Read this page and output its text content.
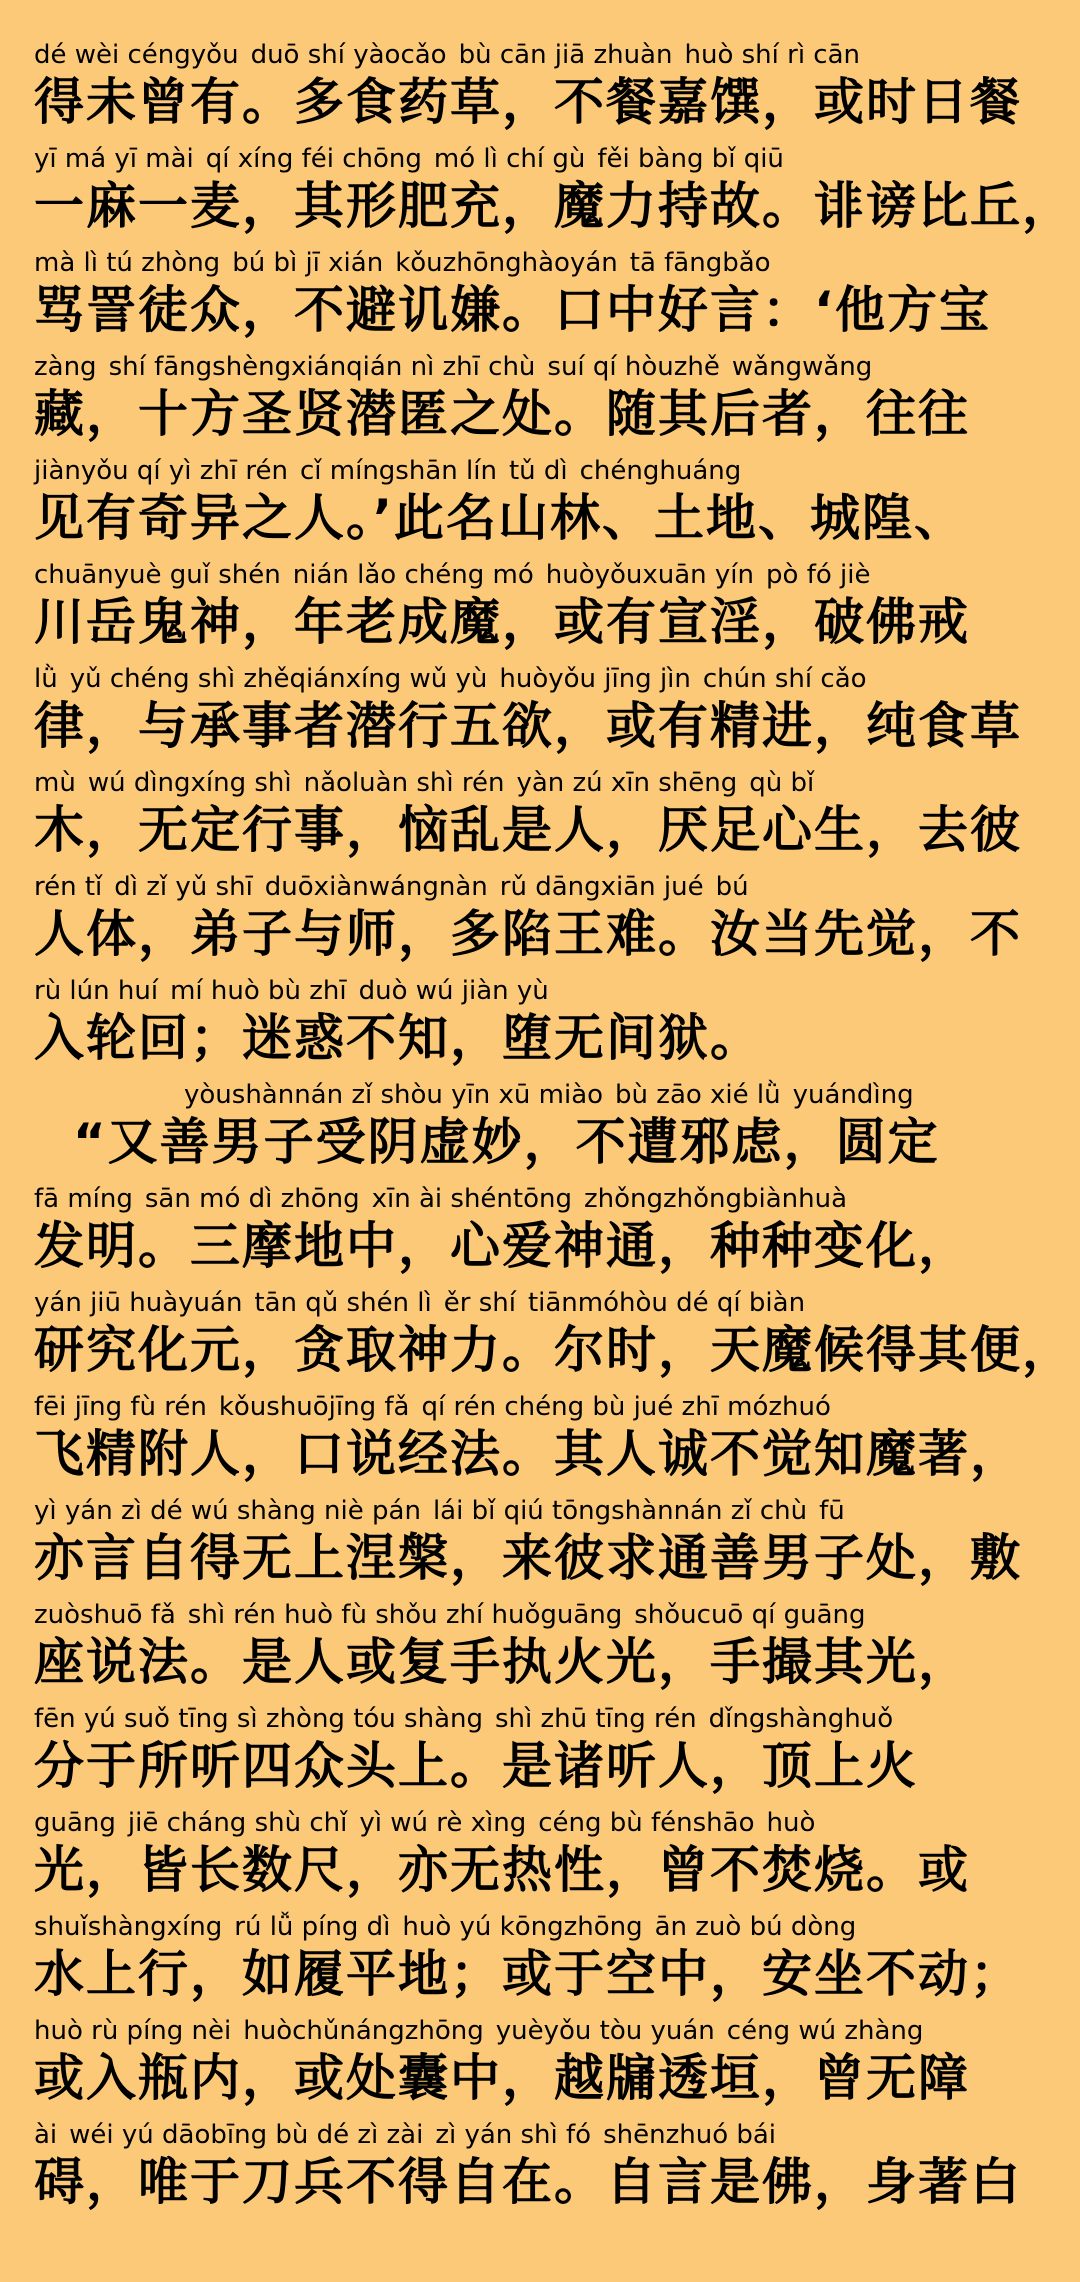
dé wèi céngyǒu duō shí yàocǎo bù cān jiā zhuàn huò shí rì cān
得未曾有。多食药草，不餐嘉馔，或时日餐
yī má yī mài qí xíng féi chōng mó lì chí gù fěi bàng bǐ qiū
一麻一麦，其形肥充，魔力持故。诽谤比丘，
mà lì tú zhòng bú bì jī xián kǒuzhōnghàoyán tā fāngbǎo
骂詈徒众，不避讥嫌。口中好言：‘他方宝
zàng shí fāngshèngxiánqián nì zhī chù suí qí hòuzhě wǎngwǎng
藏，十方圣贤潜匿之处。随其后者，往往
jiànyǒu qí yì zhī rén cǐ míngshān lín tǔ dì chénghuáng
见有奇异之人。’此名山林、土地、城隍、
chuānyuè guǐ shén nián lǎo chéng mó huòyǒuxuān yín pò fó jiè
川岳鬼神，年老成魔，或有宣淫，破佛戒
lǜ yǔ chéng shì zhěqiánxíng wǔ yù huòyǒu jīng jìn chún shí cǎo
律，与承事者潜行五欲，或有精进，纯食草
mù wú dìngxíng shì nǎoluàn shì rén yàn zú xīn shēng qù bǐ
木，无定行事，恼乱是人，厌足心生，去彼
rén tǐ dì zǐ yǔ shī duōxiànwángnàn rǔ dāngxiān jué bú
人体，弟子与师，多陷王难。汝当先觉，不
rù lún huí mí huò bù zhī duò wú jiàn yù
入轮回；迷惑不知，堕无间狱。
yòushànnán zǐ shòu yīn xū miào bù zāo xié lǜ yuándìng
“又善男子受阴虚妙，不遭邪虑，圆定
fā míng sān mó dì zhōng xīn ài shéntōng zhǒngzhǒngbiànhuà
发明。三摩地中，心爱神通，种种变化，
yán jiū huàyuán tān qǔ shén lì ěr shí tiānmóhòu dé qí biàn
研究化元，贪取神力。尔时，天魔候得其便，
fēi jīng fù rén kǒushuōjīng fǎ qí rén chéng bù jué zhī mózhuó
飞精附人，口说经法。其人诚不觉知魔著，
yì yán zì dé wú shàng niè pán lái bǐ qiú tōngshànnán zǐ chù fū
亦言自得无上涅槃，来彼求通善男子处，敷
zuòshuō fǎ shì rén huò fù shǒu zhí huǒguāng shǒucuō qí guāng
座说法。是人或复手执火光，手撮其光，
fēn yú suǒ tīng sì zhòng tóu shàng shì zhū tīng rén dǐngshànghuǒ
分于所听四众头上。是诸听人，顶上火
guāng jiē cháng shù chǐ yì wú rè xìng céng bù fénshāo huò
光，皆长数尺，亦无热性，曾不焚烧。或
shuǐshàngxíng rú lǚ píng dì huò yú kōngzhōng ān zuò bú dòng
水上行，如履平地；或于空中，安坐不动；
huò rù píng nèi huòchǔnángzhōng yuèyǒu tòu yuán céng wú zhàng
或入瓶内，或处囊中，越牖透垣，曾无障
ài wéi yú dāobīng bù dé zì zài zì yán shì fó shēnzhuó bái
碍，唯于刀兵不得自在。自言是佛，身著白
